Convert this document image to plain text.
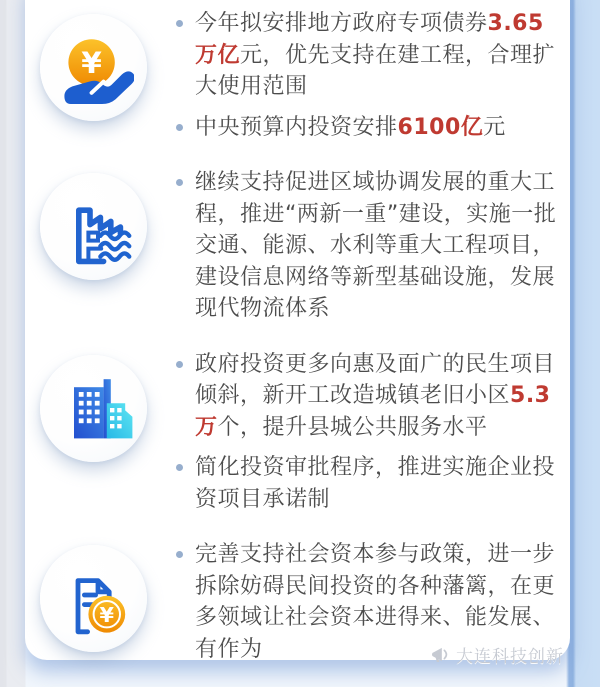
¥

今年拟安排地方政府专项债券3.65万亿元，优先支持在建工程，合理扩大使用范围

中央预算内投资安排6100亿元

继续支持促进区域协调发展的重大工程，推进“两新一重”建设，实施一批交通、能源、水利等重大工程项目，建设信息网络等新型基础设施，发展现代物流体系

政府投资更多向惠及面广的民生项目倾斜，新开工改造城镇老旧小区5.3万个，提升县城公共服务水平

简化投资审批程序，推进实施企业投资项目承诺制

¥

完善支持社会资本参与政策，进一步拆除妨碍民间投资的各种藩篱，在更多领域让社会资本进得来、能发展、有作为	大连科技创新
